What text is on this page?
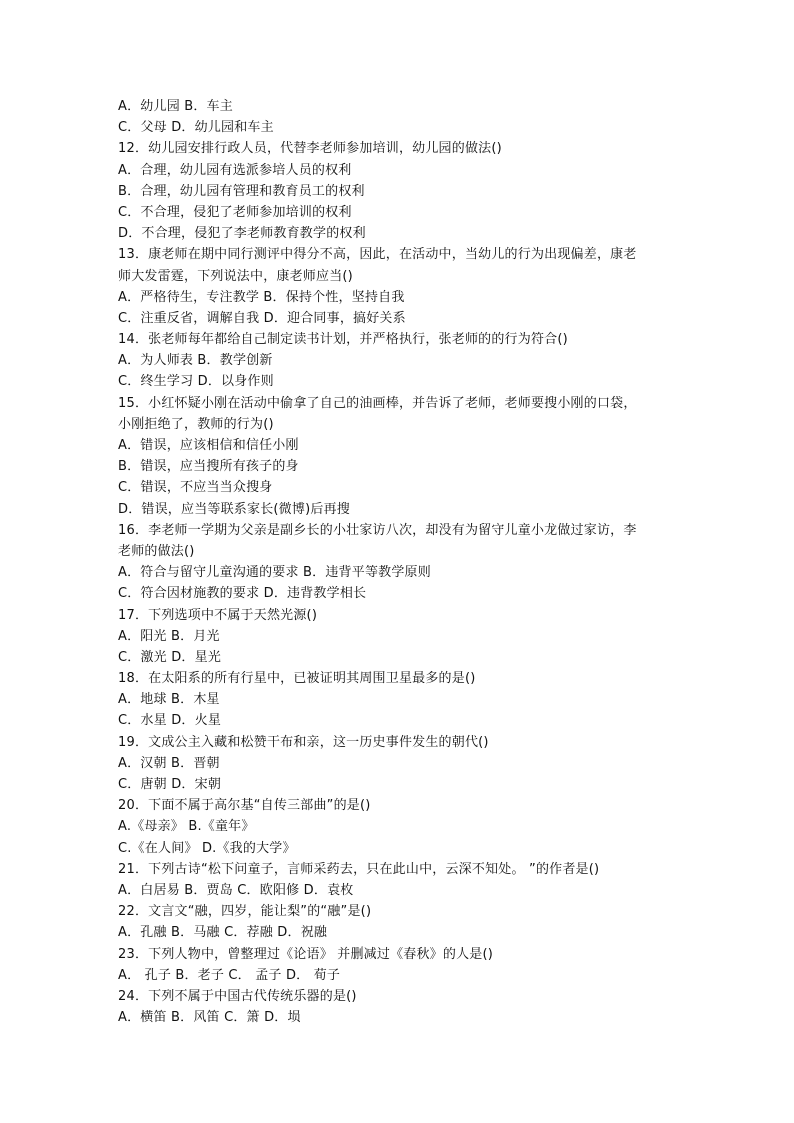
A．幼儿园 B．车主
C．父母 D．幼儿园和车主
12．幼儿园安排行政人员，代替李老师参加培训，幼儿园的做法()
A．合理，幼儿园有选派参培人员的权利
B．合理，幼儿园有管理和教育员工的权利
C．不合理，侵犯了老师参加培训的权利
D．不合理，侵犯了李老师教育教学的权利
13．康老师在期中同行测评中得分不高，因此，在活动中，当幼儿的行为出现偏差，康老
师大发雷霆，下列说法中，康老师应当()
A．严格待生，专注教学 B．保持个性，坚持自我
C．注重反省，调解自我 D．迎合同事，搞好关系
14．张老师每年都给自己制定读书计划，并严格执行，张老师的的行为符合()
A．为人师表 B．教学创新
C．终生学习 D．以身作则
15．小红怀疑小刚在活动中偷拿了自己的油画棒，并告诉了老师，老师要搜小刚的口袋，
小刚拒绝了，教师的行为()
A．错误，应该相信和信任小刚
B．错误，应当搜所有孩子的身
C．错误，不应当当众搜身
D．错误，应当等联系家长(微博)后再搜
16．李老师一学期为父亲是副乡长的小壮家访八次，却没有为留守儿童小龙做过家访，李
老师的做法()
A．符合与留守儿童沟通的要求 B．违背平等教学原则
C．符合因材施教的要求 D．违背教学相长
17．下列选项中不属于天然光源()
A．阳光 B．月光
C．激光 D．星光
18．在太阳系的所有行星中，已被证明其周围卫星最多的是()
A．地球 B．木星
C．水星 D．火星
19．文成公主入藏和松赞干布和亲，这一历史事件发生的朝代()
A．汉朝 B．晋朝
C．唐朝 D．宋朝
20．下面不属于高尔基“自传三部曲”的是()
A.《母亲》 B.《童年》
C.《在人间》 D.《我的大学》
21．下列古诗“松下问童子，言师采药去，只在此山中，云深不知处。 ”的作者是()
A．白居易 B．贾岛 C．欧阳修 D．袁枚
22．文言文“融，四岁，能让梨”的“融”是()
A．孔融 B．马融 C．荐融 D．祝融
23．下列人物中，曾整理过《论语》 并删减过《春秋》的人是()
A． 孔子 B．老子 C． 孟子 D． 荀子
24．下列不属于中国古代传统乐器的是()
A．横笛 B．风笛 C．箫 D．埙
